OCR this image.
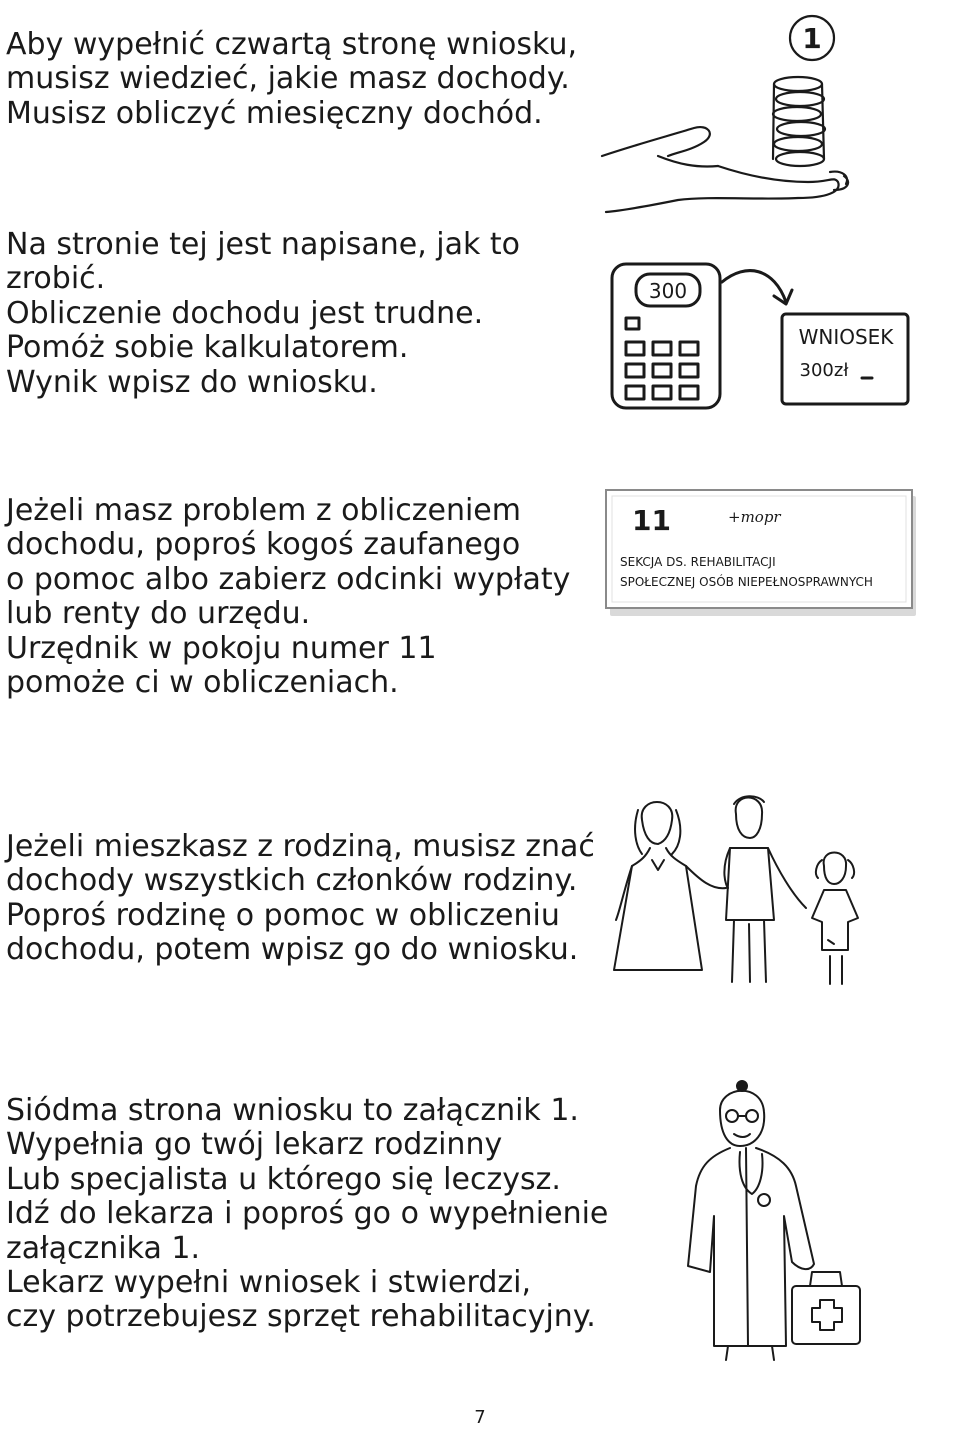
Aby wypełnić czwartą stronę wniosku,
musisz wiedzieć, jakie masz dochody.
Musisz obliczyć miesięczny dochód.

Na stronie tej jest napisane, jak to
zrobić.
Obliczenie dochodu jest trudne.
Pomóż sobie kalkulatorem.
Wynik wpisz do wniosku.

Jeżeli masz problem z obliczeniem
dochodu, poproś kogoś zaufanego
o pomoc albo zabierz odcinki wypłaty
lub renty do urzędu.
Urzędnik w pokoju numer 11
pomoże ci w obliczeniach.

Jeżeli mieszkasz z rodziną, musisz znać
dochody wszystkich członków rodziny.
Poproś rodzinę o pomoc w obliczeniu
dochodu, potem wpisz go do wniosku.

Siódma strona wniosku to załącznik 1.
Wypełnia go twój lekarz rodzinny
Lub specjalista u którego się leczysz.
Idź do lekarza i poproś go o wypełnienie
załącznika 1.
Lekarz wypełni wniosek i stwierdzi,
czy potrzebujesz sprzęt rehabilitacyjny.

1
300
WNIOSEK
300zł
11	+mopr
SEKCJA DS. REHABILITACJI
SPOŁECZNEJ OSÓB NIEPEŁNOSPRAWNYCH
7
